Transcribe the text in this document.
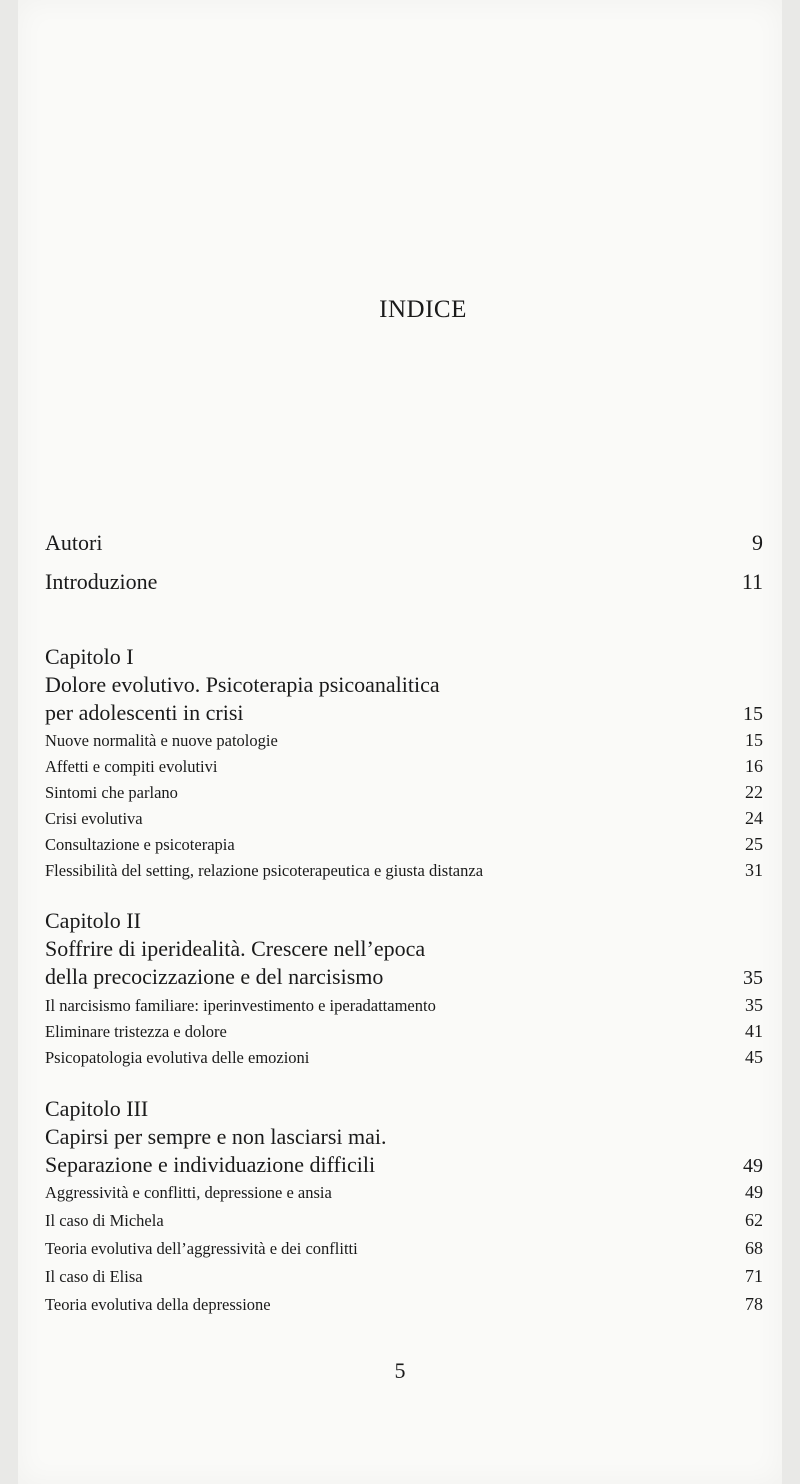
INDICE
Autori	9
Introduzione	11
Capitolo I
Dolore evolutivo. Psicoterapia psicoanalitica
per adolescenti in crisi	15
Nuove normalità e nuove patologie	15
Affetti e compiti evolutivi	16
Sintomi che parlano	22
Crisi evolutiva	24
Consultazione e psicoterapia	25
Flessibilità del setting, relazione psicoterapeutica e giusta distanza	31
Capitolo II
Soffrire di iperidealità. Crescere nell’epoca
della precocizzazione e del narcisismo	35
Il narcisismo familiare: iperinvestimento e iperadattamento	35
Eliminare tristezza e dolore	41
Psicopatologia evolutiva delle emozioni	45
Capitolo III
Capirsi per sempre e non lasciarsi mai.
Separazione e individuazione difficili	49
Aggressività e conflitti, depressione e ansia	49
Il caso di Michela	62
Teoria evolutiva dell’aggressività e dei conflitti	68
Il caso di Elisa	71
Teoria evolutiva della depressione	78
5
